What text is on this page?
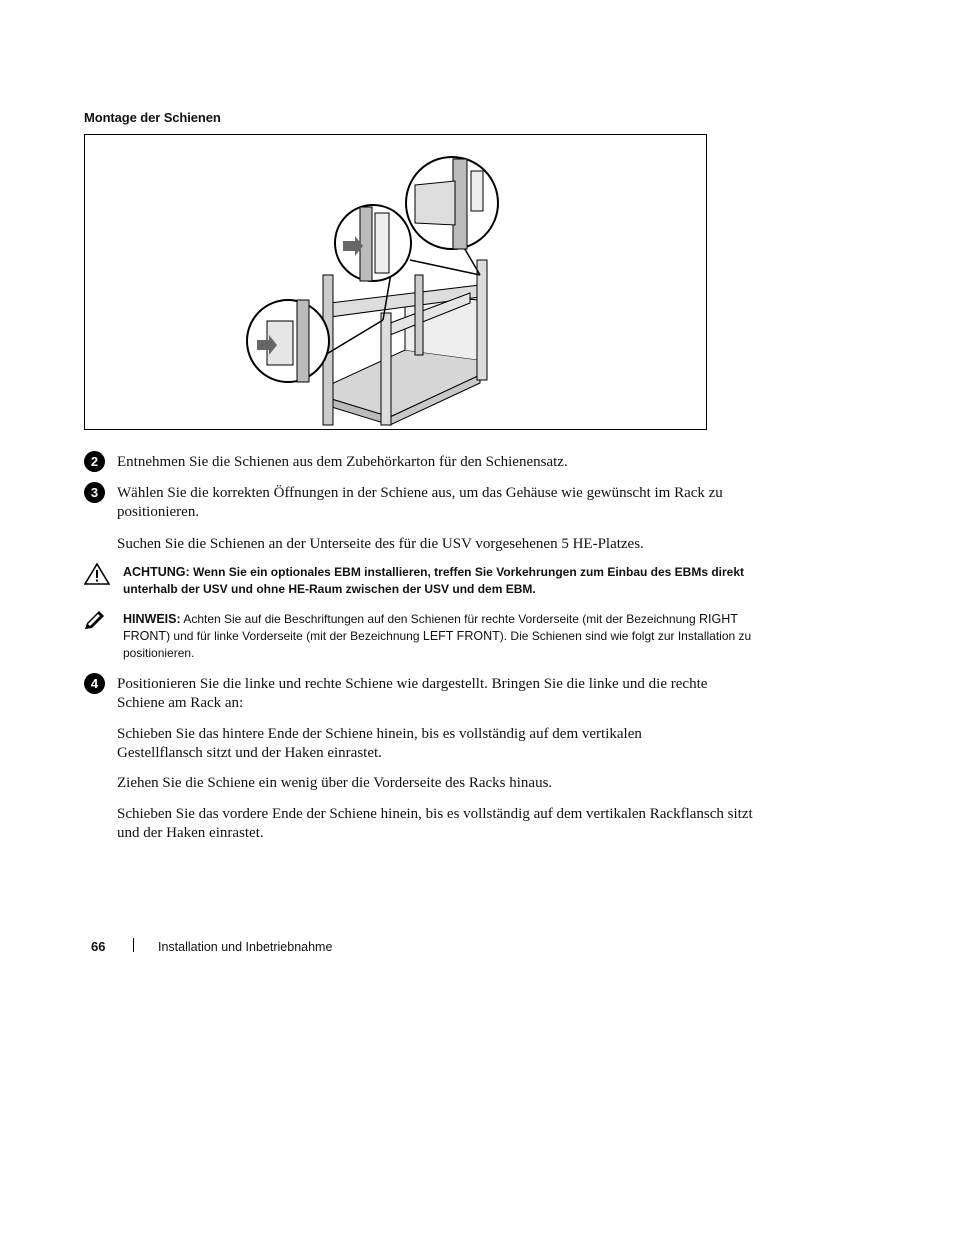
Montage der Schienen
2	Entnehmen Sie die Schienen aus dem Zubehörkarton für den Schienensatz.
3	Wählen Sie die korrekten Öffnungen in der Schiene aus, um das Gehäuse wie gewünscht im Rack zu positionieren.
Suchen Sie die Schienen an der Unterseite des für die USV vorgesehenen 5 HE-Platzes.
ACHTUNG: Wenn Sie ein optionales EBM installieren, treffen Sie Vorkehrungen zum Einbau des EBMs direkt unterhalb der USV und ohne HE-Raum zwischen der USV und dem EBM.
HINWEIS: Achten Sie auf die Beschriftungen auf den Schienen für rechte Vorderseite (mit der Bezeichnung RIGHT FRONT) und für linke Vorderseite (mit der Bezeichnung LEFT FRONT). Die Schienen sind wie folgt zur Installation zu positionieren.
4	Positionieren Sie die linke und rechte Schiene wie dargestellt. Bringen Sie die linke und die rechte Schiene am Rack an:
Schieben Sie das hintere Ende der Schiene hinein, bis es vollständig auf dem vertikalen Gestellflansch sitzt und der Haken einrastet.
Ziehen Sie die Schiene ein wenig über die Vorderseite des Racks hinaus.
Schieben Sie das vordere Ende der Schiene hinein, bis es vollständig auf dem vertikalen Rackflansch sitzt und der Haken einrastet.
66	Installation und Inbetriebnahme
